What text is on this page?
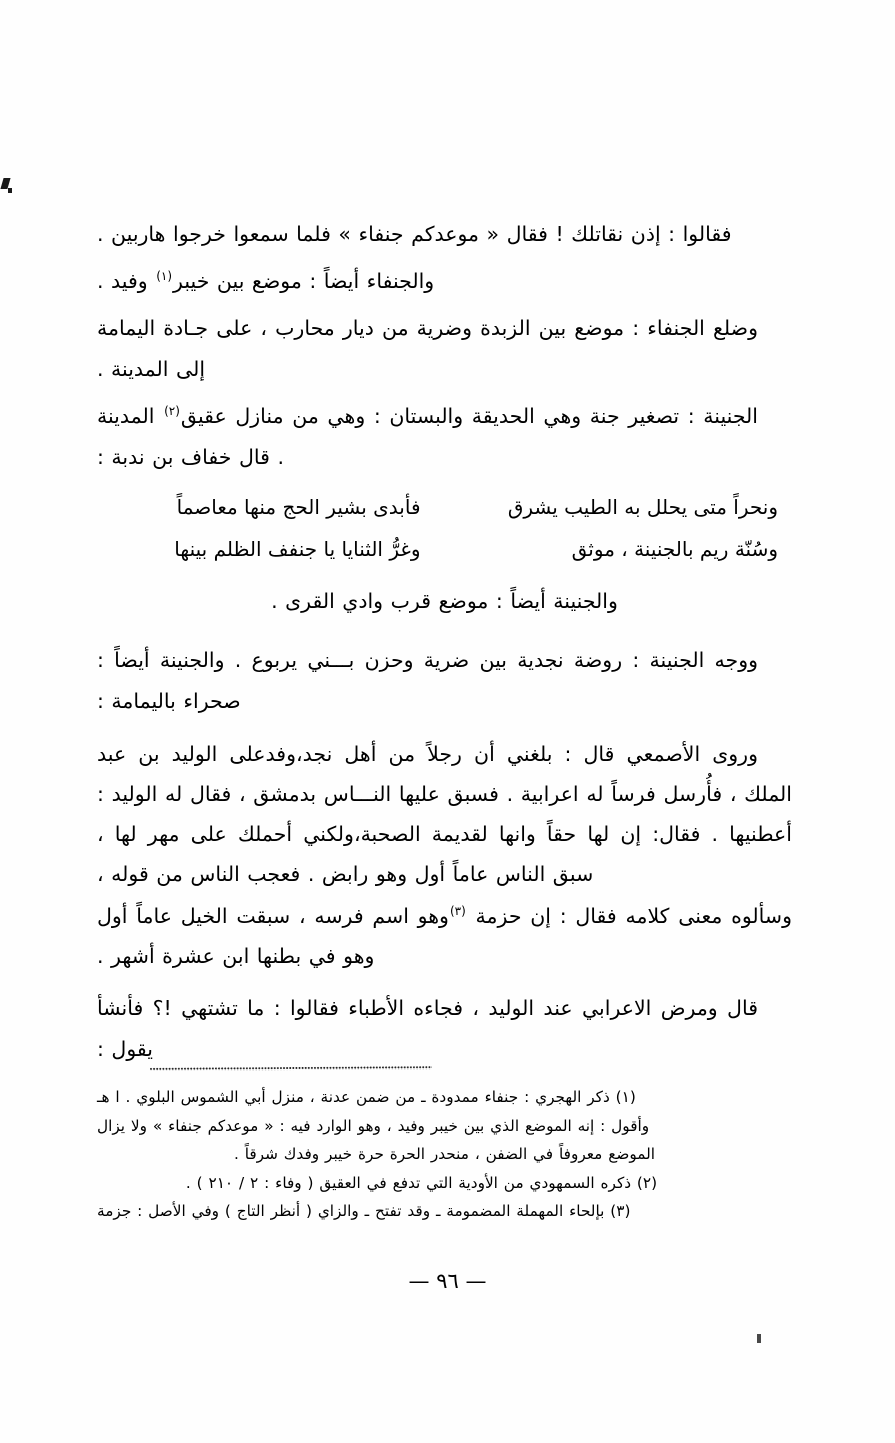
فقالوا : إذن نقاتلك ! فقال « موعدكم جنفاء » فلما سمعوا خرجوا هاربين .

والجنفاء أيضاً : موضع بين خيبر$^{(١)}$ وفيد .

وضلع الجنفاء : موضع بين الزبدة وضرية من ديار محارب ، على جـادة اليمامة إلى المدينة .

الجنينة : تصغير جنة وهي الحديقة والبستان : وهي من منازل عقيق$^{(٢)}$ المدينة . قال خفاف بن ندبة :

ونحراً متى يحلل به الطيب يشرق
فأبدى بشير الحج منها معاصماً
وسُنّة ريم بالجنينة ، موثق
وغرُّ الثنايا يا جنفف الظلم بينها

والجنينة أيضاً : موضع قرب وادي القرى .

ووجه الجنينة : روضة نجدية بين ضرية وحزن بـــني يربوع . والجنينة أيضاً : صحراء باليمامة :

وروى الأصمعي قال : بلغني أن رجلاً من أهل نجد،وفدعلى الوليد بن عبد الملك ، فأُرسل فرساً له اعرابية . فسبق عليها النـــاس بدمشق ، فقال له الوليد : أعطنيها . فقال: إن لها حقاً وانها لقديمة الصحبة،ولكني أحملك على مهر لها ، سبق الناس عاماً أول وهو رابض . فعجب الناس من قوله ،

وسألوه معنى كلامه فقال : إن حزمة $^{(٣)}$وهو اسم فرسه ، سبقت الخيل عاماً أول وهو في بطنها ابن عشرة أشهر .

قال ومرض الاعرابي عند الوليد ، فجاءه الأطباء فقالوا : ما تشتهي !؟ فأنشأ يقول :

(١) ذكر الهجري : جنفاء ممدودة ـ من ضمن عدنة ، منزل أبي الشموس البلوي . ا هـ

وأقول : إنه الموضع الذي بين خيبر وفيد ، وهو الوارد فيه : « موعدكم جنفاء » ولا يزال

الموضع معروفاً في الضفن ، منحدر الحرة حرة خيبر وفدك شرقاً .

(٢) ذكره السمهودي من الأودية التي تدفع في العقيق ( وفاء : ٢ / ٢١٠ ) .

(٣) بإلحاء المهملة المضمومة ـ وقد تفتح ـ والزاي ( أنظر التاج ) وفي الأصل : جزمة

— ٩٦ —
